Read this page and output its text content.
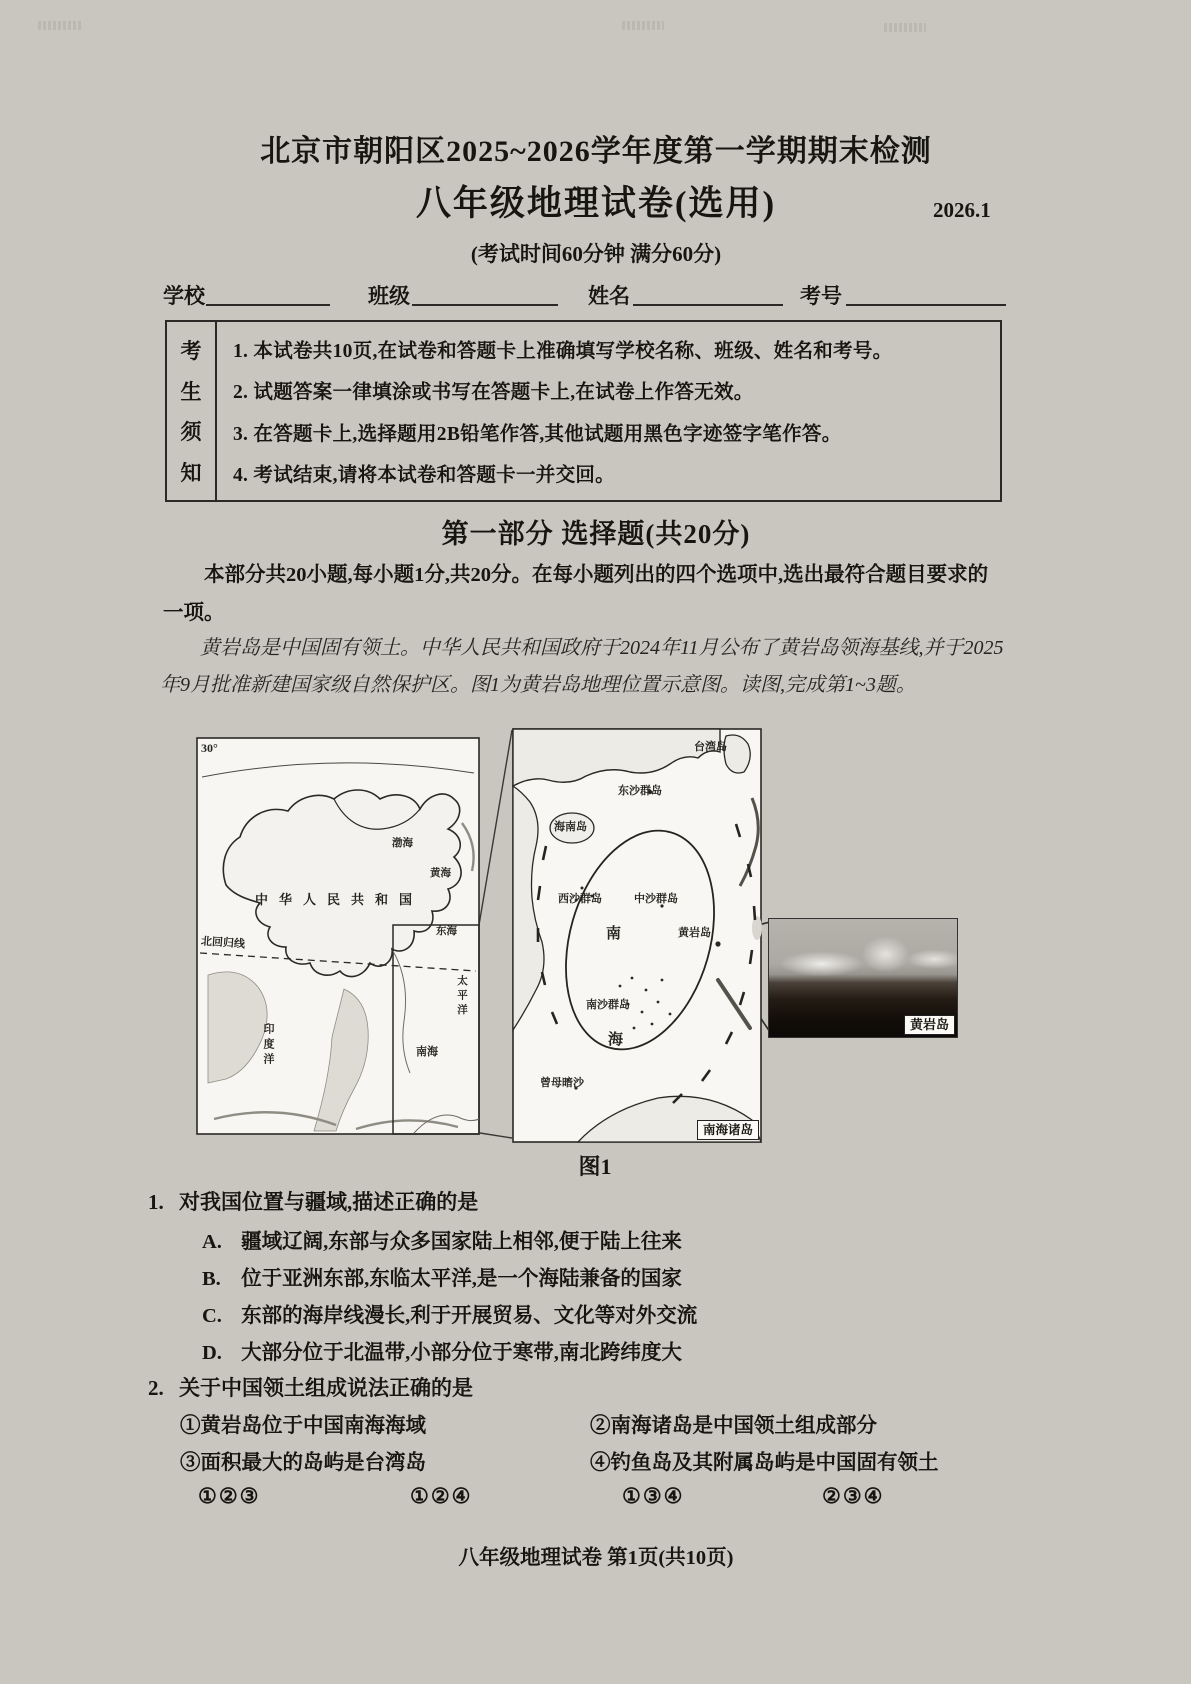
北京市朝阳区2025~2026学年度第一学期期末检测
八年级地理试卷(选用)	2026.1
(考试时间60分钟 满分60分)
学校	班级	姓名	考号
考
生
须
知
1. 本试卷共10页,在试卷和答题卡上准确填写学校名称、班级、姓名和考号。
2. 试题答案一律填涂或书写在答题卡上,在试卷上作答无效。
3. 在答题卡上,选择题用2B铅笔作答,其他试题用黑色字迹签字笔作答。
4. 考试结束,请将本试卷和答题卡一并交回。
第一部分 选择题(共20分)
本部分共20小题,每小题1分,共20分。在每小题列出的四个选项中,选出最符合题目要求的一项。
黄岩岛是中国固有领土。中华人民共和国政府于2024年11月公布了黄岩岛领海基线,并于2025年9月批准新建国家级自然保护区。图1为黄岩岛地理位置示意图。读图,完成第1~3题。
30°
中华人民共和国
北回归线
渤海
黄海
东海
南海
太平洋
印度洋
台湾岛
东沙群岛
海南岛
西沙群岛	中沙群岛
南	黄岩岛
南沙群岛
海
曾母暗沙
南海诸岛
黄岩岛
图1
1. 对我国位置与疆域,描述正确的是
A. 疆域辽阔,东部与众多国家陆上相邻,便于陆上往来
B. 位于亚洲东部,东临太平洋,是一个海陆兼备的国家
C. 东部的海岸线漫长,利于开展贸易、文化等对外交流
D. 大部分位于北温带,小部分位于寒带,南北跨纬度大
2. 关于中国领土组成说法正确的是
①黄岩岛位于中国南海海域	②南海诸岛是中国领土组成部分
③面积最大的岛屿是台湾岛	④钓鱼岛及其附属岛屿是中国固有领土
①②③	①②④	①③④	②③④
八年级地理试卷 第1页(共10页)
